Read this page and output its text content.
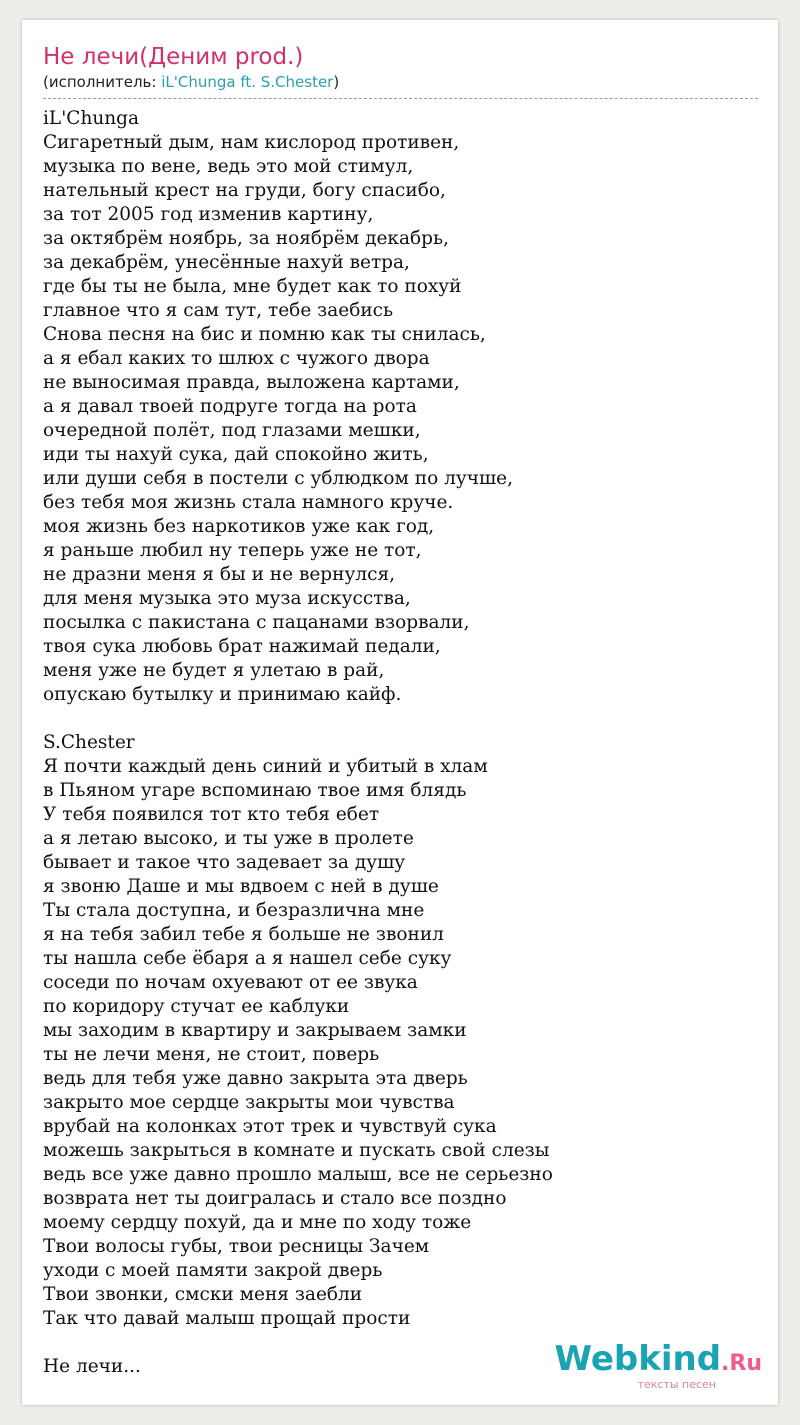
Не лечи(Деним prod.)
(исполнитель: iL'Chunga ft. S.Chester)
iL'Chunga
Сигаретный дым, нам кислород противен,
музыка по вене, ведь это мой стимул,
нательный крест на груди, богу спасибо,
за тот 2005 год изменив картину,
за октябрём ноябрь, за ноябрём декабрь,
за декабрём, унесённые нахуй ветра,
где бы ты не была, мне будет как то похуй
главное что я сам тут, тебе заебись
Снова песня на бис и помню как ты снилась,
а я ебал каких то шлюх с чужого двора
не выносимая правда, выложена картами,
а я давал твоей подруге тогда на рота
очередной полёт, под глазами мешки,
иди ты нахуй сука, дай спокойно жить,
или души себя в постели с ублюдком по лучше,
без тебя моя жизнь стала намного круче.
моя жизнь без наркотиков уже как год,
я раньше любил ну теперь уже не тот,
не дразни меня я бы и не вернулся,
для меня музыка это муза искусства,
посылка с пакистана с пацанами взорвали,
твоя сука любовь брат нажимай педали,
меня уже не будет я улетаю в рай,
опускаю бутылку и принимаю кайф.
S.Chester
Я почти каждый день синий и убитый в хлам
в Пьяном угаре вспоминаю твое имя блядь
У тебя появился тот кто тебя ебет
а я летаю высоко, и ты уже в пролете
бывает и такое что задевает за душу
я звоню Даше и мы вдвоем с ней в душе
Ты стала доступна, и безразлична мне
я на тебя забил тебе я больше не звонил
ты нашла себе ёбаря а я нашел себе суку
соседи по ночам охуевают от ее звука
по коридору стучат ее каблуки
мы заходим в квартиру и закрываем замки
ты не лечи меня, не стоит, поверь
ведь для тебя уже давно закрыта эта дверь
закрыто мое сердце закрыты мои чувства
врубай на колонках этот трек и чувствуй сука
можешь закрыться в комнате и пускать свой слезы
ведь все уже давно прошло малыш, все не серьезно
возврата нет ты доигралась и стало все поздно
моему сердцу похуй, да и мне по ходу тоже
Твои волосы губы, твои ресницы Зачем
уходи с моей памяти закрой дверь
Твои звонки, смски меня заебли
Так что давай малыш прощай прости
Не лечи...	Webkind.Ru
тексты песен
